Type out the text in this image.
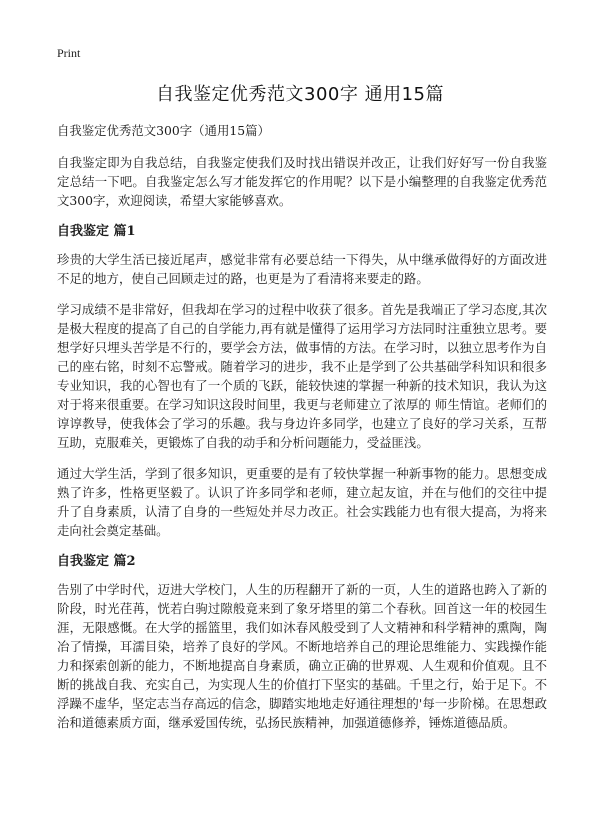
Print
自我鉴定优秀范文300字 通用15篇

自我鉴定优秀范文300字（通用15篇）

自我鉴定即为自我总结，自我鉴定使我们及时找出错误并改正，让我们好好写一份自我鉴定总结一下吧。自我鉴定怎么写才能发挥它的作用呢？以下是小编整理的自我鉴定优秀范文300字，欢迎阅读，希望大家能够喜欢。

自我鉴定 篇1

珍贵的大学生活已接近尾声，感觉非常有必要总结一下得失，从中继承做得好的方面改进不足的地方，使自己回顾走过的路，也更是为了看清将来要走的路。

学习成绩不是非常好，但我却在学习的过程中收获了很多。首先是我端正了学习态度,其次是极大程度的提高了自己的自学能力,再有就是懂得了运用学习方法同时注重独立思考。要想学好只埋头苦学是不行的，要学会方法，做事情的方法。在学习时，以独立思考作为自己的座右铭，时刻不忘警戒。随着学习的进步，我不止是学到了公共基础学科知识和很多专业知识，我的心智也有了一个质的飞跃，能较快速的掌握一种新的技术知识，我认为这对于将来很重要。在学习知识这段时间里，我更与老师建立了浓厚的 师生情谊。老师们的谆谆教导，使我体会了学习的乐趣。我与身边许多同学，也建立了良好的学习关系，互帮互助，克服难关，更锻炼了自我的动手和分析问题能力，受益匪浅。

通过大学生活，学到了很多知识，更重要的是有了较快掌握一种新事物的能力。思想变成熟了许多，性格更坚毅了。认识了许多同学和老师，建立起友谊，并在与他们的交往中提升了自身素质，认清了自身的一些短处并尽力改正。社会实践能力也有很大提高，为将来走向社会奠定基础。

自我鉴定 篇2

告别了中学时代，迈进大学校门，人生的历程翻开了新的一页，人生的道路也跨入了新的阶段，时光荏苒，恍若白驹过隙般竟来到了象牙塔里的第二个春秋。回首这一年的校园生涯，无限感慨。在大学的摇篮里，我们如沐春风般受到了人文精神和科学精神的熏陶，陶冶了情操，耳濡目染，培养了良好的学风。不断地培养自己的理论思维能力、实践操作能力和探索创新的能力，不断地提高自身素质，确立正确的世界观、人生观和价值观。且不断的挑战自我、充实自己，为实现人生的价值打下坚实的基础。千里之行，始于足下。不浮躁不虚华，坚定志当存高远的信念，脚踏实地地走好通往理想的'每一步阶梯。在思想政治和道德素质方面，继承爱国传统，弘扬民族精神，加强道德修养，锤炼道德品质。
